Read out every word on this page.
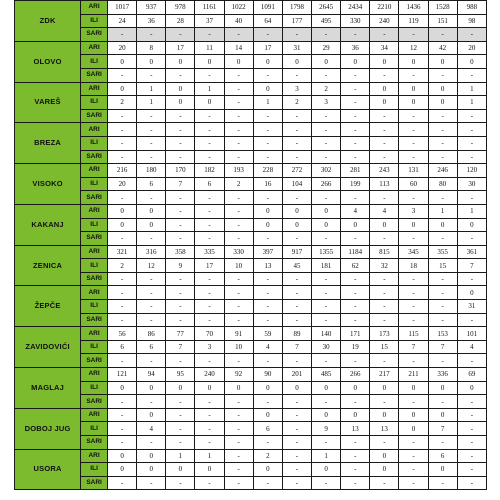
ZDK	ARI	1017	937	978	1161	1022	1091	1798	2645	2434	2210	1436	1528	988
	ILI	24	36	28	37	40	64	177	495	330	240	119	151	98
	SARI	-	-	-	-	-	-	-	-	-	-	-	-	-
OLOVO	ARI	20	8	17	11	14	17	31	29	36	34	12	42	20
	ILI	0	0	0	0	0	0	0	0	0	0	0	0	0
	SARI	-	-	-	-	-	-	-	-	-	-	-	-	-
VAREŠ	ARI	0	1	0	1	-	0	3	2	-	0	0	0	1
	ILI	2	1	0	0	-	1	2	3	-	0	0	0	1
	SARI	-	-	-	-	-	-	-	-	-	-	-	-	-
BREZA	ARI	-	-	-	-	-	-	-	-	-	-	-	-	-
	ILI	-	-	-	-	-	-	-	-	-	-	-	-	-
	SARI	-	-	-	-	-	-	-	-	-	-	-	-	-
VISOKO	ARI	216	180	170	182	193	228	272	302	281	243	131	246	120
	ILI	20	6	7	6	2	16	104	266	199	113	60	80	30
	SARI	-	-	-	-	-	-	-	-	-	-	-	-	-
KAKANJ	ARI	0	0	-	-	-	0	0	0	4	4	3	1	1
	ILI	0	0	-	-	-	0	0	0	0	0	0	0	0
	SARI	-	-	-	-	-	-	-	-	-	-	-	-	-
ZENICA	ARI	321	316	358	335	330	397	917	1355	1184	815	345	355	361
	ILI	2	12	9	17	10	13	45	181	62	32	18	15	7
	SARI	-	-	-	-	-	-	-	-	-	-	-	-	-
ŽEPČE	ARI	-	-	-	-	-	-	-	-	-	-	-	-	0
	ILI	-	-	-	-	-	-	-	-	-	-	-	-	31
	SARI	-	-	-	-	-	-	-	-	-	-	-	-	-
ZAVIDOVIĆI	ARI	56	86	77	70	91	59	89	140	171	173	115	153	101
	ILI	6	6	7	3	10	4	7	30	19	15	7	7	4
	SARI	-	-	-	-	-	-	-	-	-	-	-	-	-
MAGLAJ	ARI	121	94	95	240	92	90	201	485	266	217	211	336	69
	ILI	0	0	0	0	0	0	0	0	0	0	0	0	0
	SARI	-	-	-	-	-	-	-	-	-	-	-	-	-
DOBOJ JUG	ARI	-	0	-	-	-	0	-	0	0	0	0	0	-
	ILI	-	4	-	-	-	6	-	9	13	13	0	7	-
	SARI	-	-	-	-	-	-	-	-	-	-	-	-	-
USORA	ARI	0	0	1	1	-	2	-	1	-	0	-	6	-
	ILI	0	0	0	0	-	0	-	0	-	0	-	0	-
	SARI	-	-	-	-	-	-	-	-	-	-	-	-	-
